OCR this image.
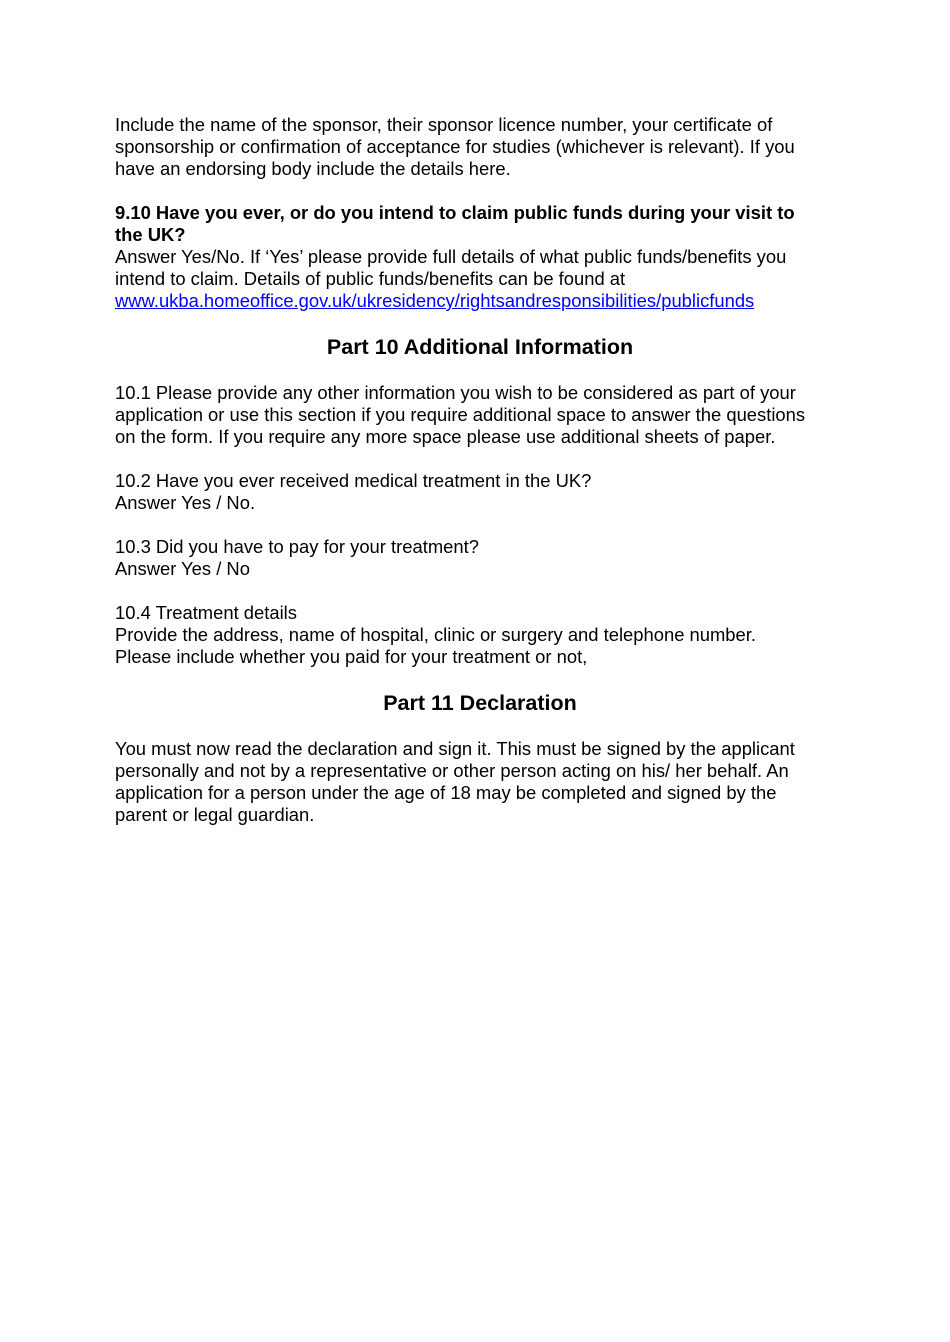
Include the name of the sponsor, their sponsor licence number, your certificate of
sponsorship or confirmation of acceptance for studies (whichever is relevant). If you
have an endorsing body include the details here.
9.10 Have you ever, or do you intend to claim public funds during your visit to
the UK?
Answer Yes/No. If ‘Yes’ please provide full details of what public funds/benefits you
intend to claim. Details of public funds/benefits can be found at
www.ukba.homeoffice.gov.uk/ukresidency/rightsandresponsibilities/publicfunds
Part 10 Additional Information
10.1 Please provide any other information you wish to be considered as part of your
application or use this section if you require additional space to answer the questions
on the form. If you require any more space please use additional sheets of paper.
10.2 Have you ever received medical treatment in the UK?
Answer Yes / No.
10.3 Did you have to pay for your treatment?
Answer Yes / No
10.4 Treatment details
Provide the address, name of hospital, clinic or surgery and telephone number.
Please include whether you paid for your treatment or not,
Part 11 Declaration
You must now read the declaration and sign it. This must be signed by the applicant
personally and not by a representative or other person acting on his/ her behalf. An
application for a person under the age of 18 may be completed and signed by the
parent or legal guardian.
